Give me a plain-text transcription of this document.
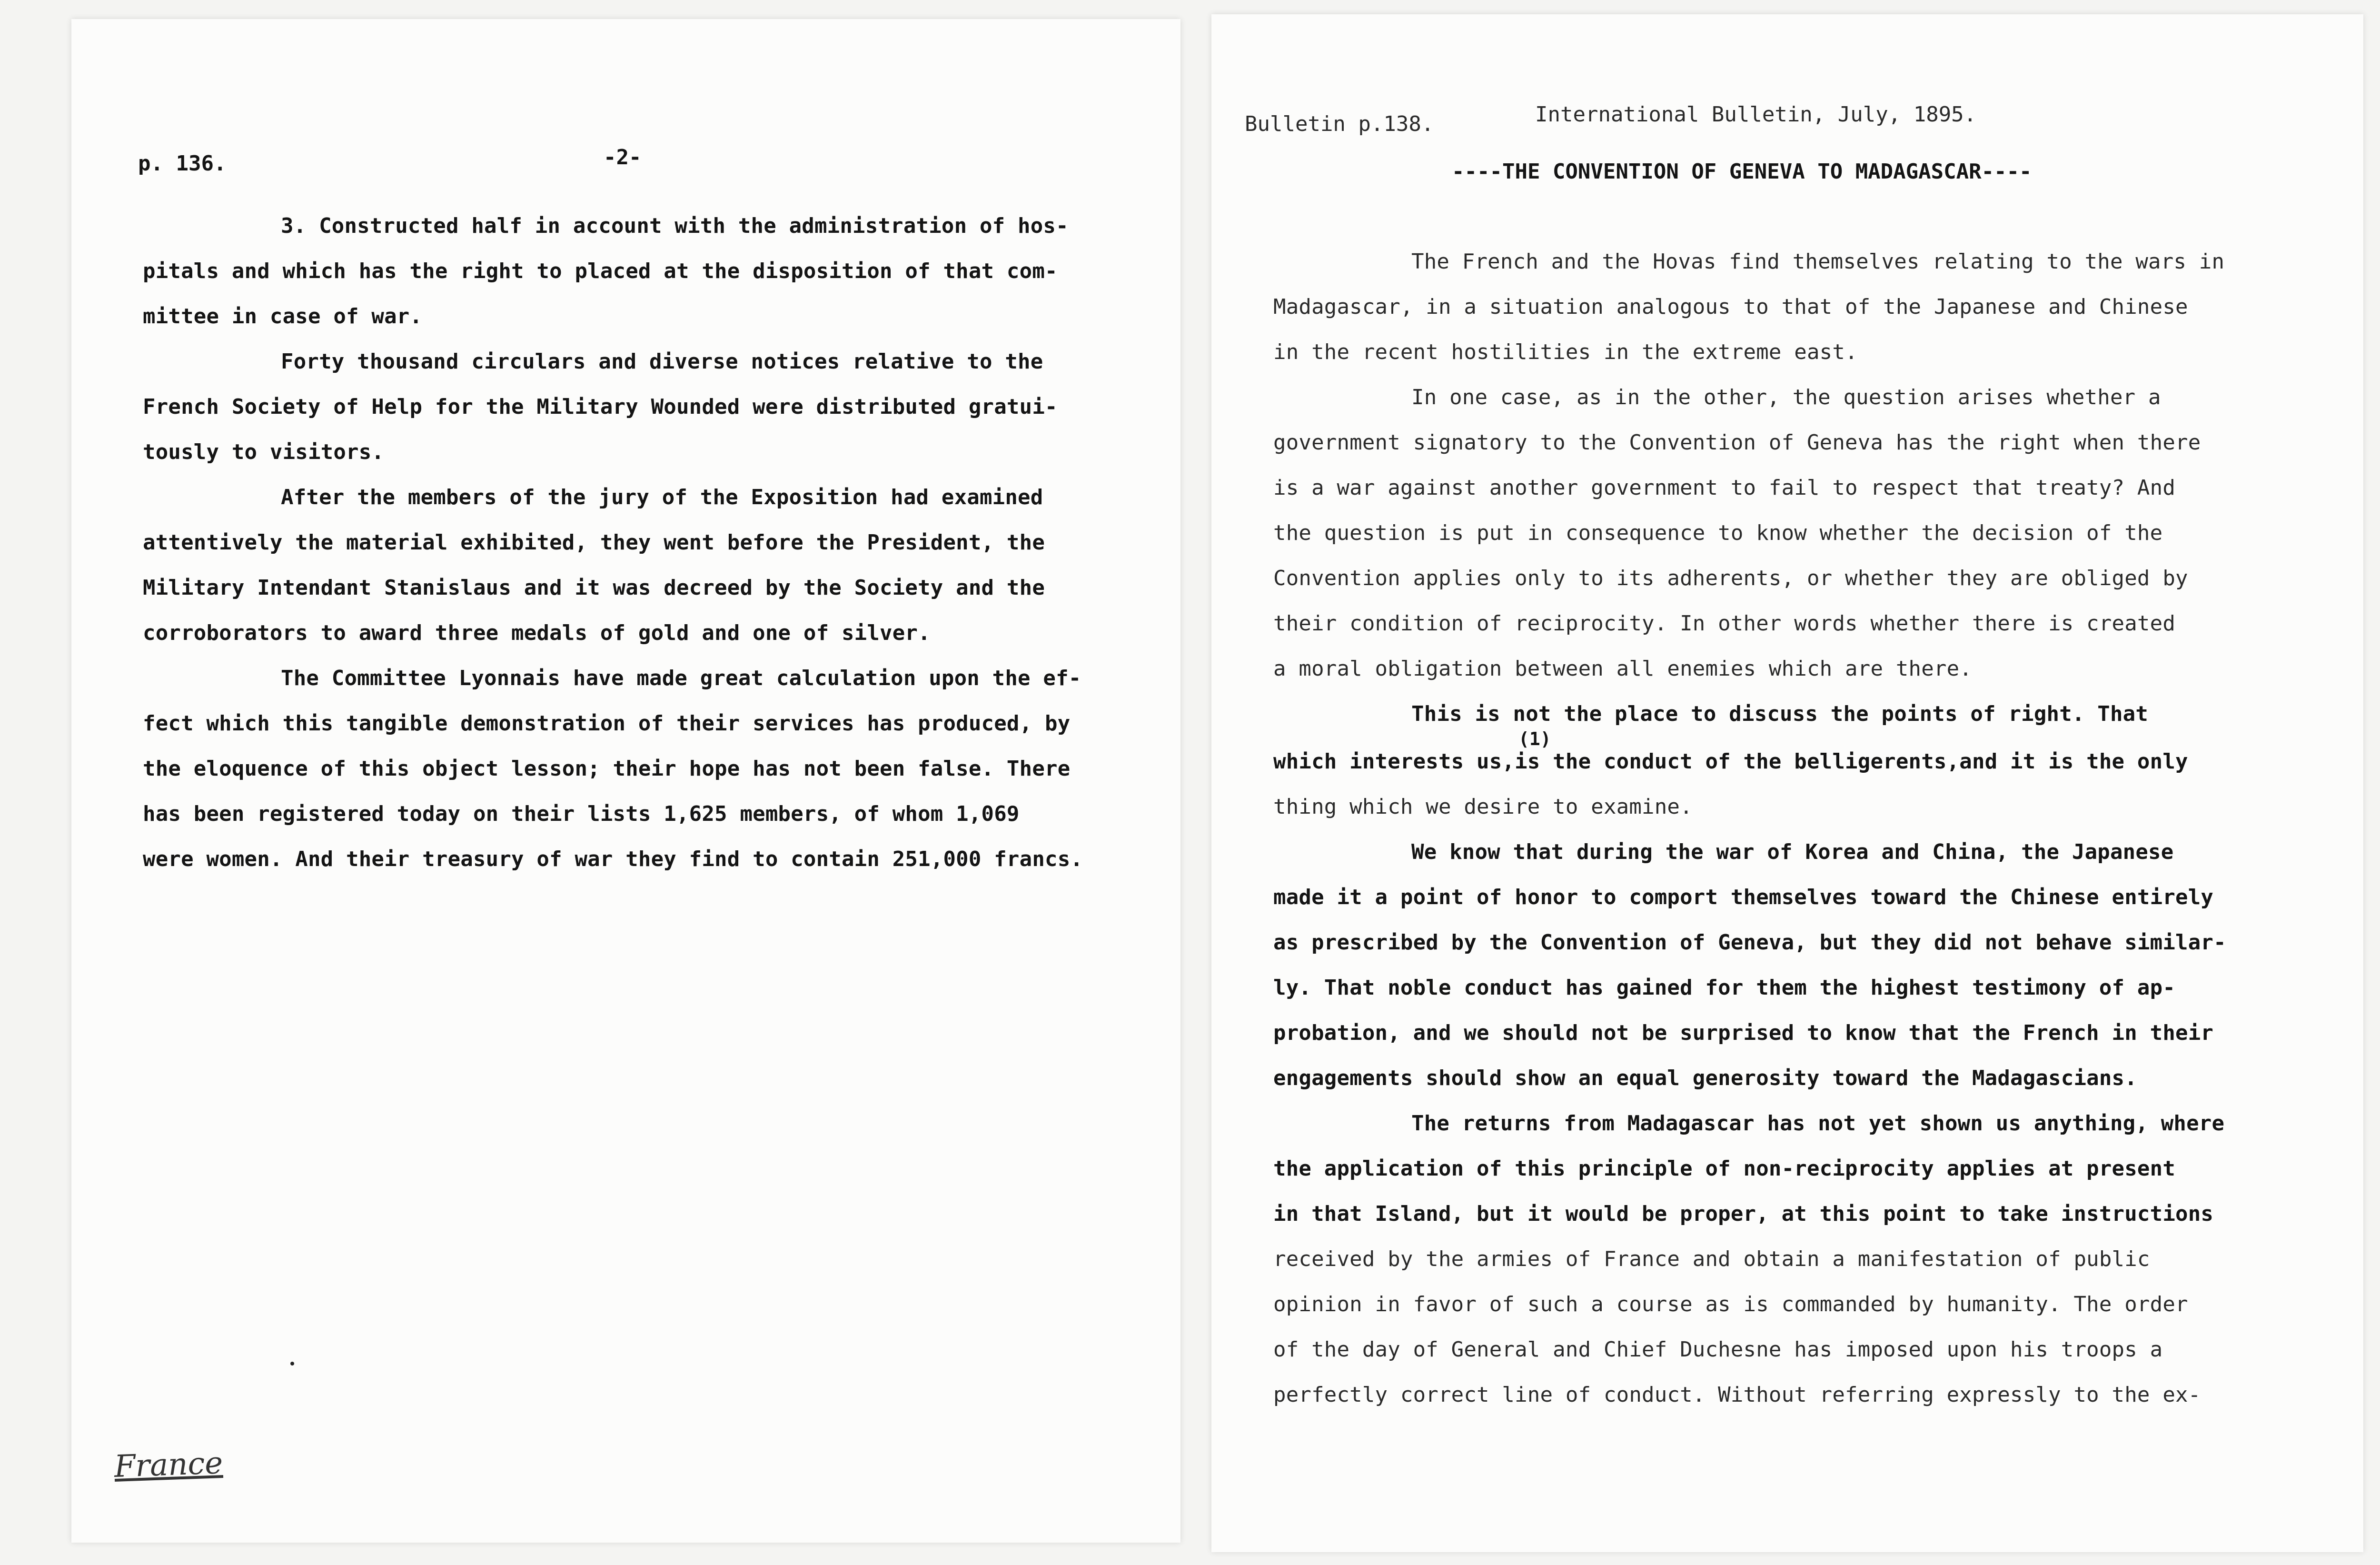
p. 136.	-2-
3. Constructed half in account with the administration of hos-
pitals and which has the right to placed at the disposition of that com-
mittee in case of war.
Forty thousand circulars and diverse notices relative to the
French Society of Help for the Military Wounded were distributed gratui-
tously to visitors.
After the members of the jury of the Exposition had examined
attentively the material exhibited, they went before the President, the
Military Intendant Stanislaus and it was decreed by the Society and the
corroborators to award three medals of gold and one of silver.
The Committee Lyonnais have made great calculation upon the ef-
fect which this tangible demonstration of their services has produced, by
the eloquence of this object lesson; their hope has not been false. There
has been registered today on their lists 1,625 members, of whom 1,069
were women. And their treasury of war they find to contain 251,000 francs.
France
Bulletin p.138.	International Bulletin, July, 1895.
----THE CONVENTION OF GENEVA TO MADAGASCAR----
The French and the Hovas find themselves relating to the wars in
Madagascar, in a situation analogous to that of the Japanese and Chinese
in the recent hostilities in the extreme east.
In one case, as in the other, the question arises whether a
government signatory to the Convention of Geneva has the right when there
is a war against another government to fail to respect that treaty? And
the question is put in consequence to know whether the decision of the
Convention applies only to its adherents, or whether they are obliged by
their condition of reciprocity. In other words whether there is created
a moral obligation between all enemies which are there.
This is not the place to discuss the points of right. That
(1)
which interests us,is the conduct of the belligerents,and it is the only
thing which we desire to examine.
We know that during the war of Korea and China, the Japanese
made it a point of honor to comport themselves toward the Chinese entirely
as prescribed by the Convention of Geneva, but they did not behave similar-
ly. That noble conduct has gained for them the highest testimony of ap-
probation, and we should not be surprised to know that the French in their
engagements should show an equal generosity toward the Madagascians.
The returns from Madagascar has not yet shown us anything, where
the application of this principle of non-reciprocity applies at present
in that Island, but it would be proper, at this point to take instructions
received by the armies of France and obtain a manifestation of public
opinion in favor of such a course as is commanded by humanity. The order
of the day of General and Chief Duchesne has imposed upon his troops a
perfectly correct line of conduct. Without referring expressly to the ex-
